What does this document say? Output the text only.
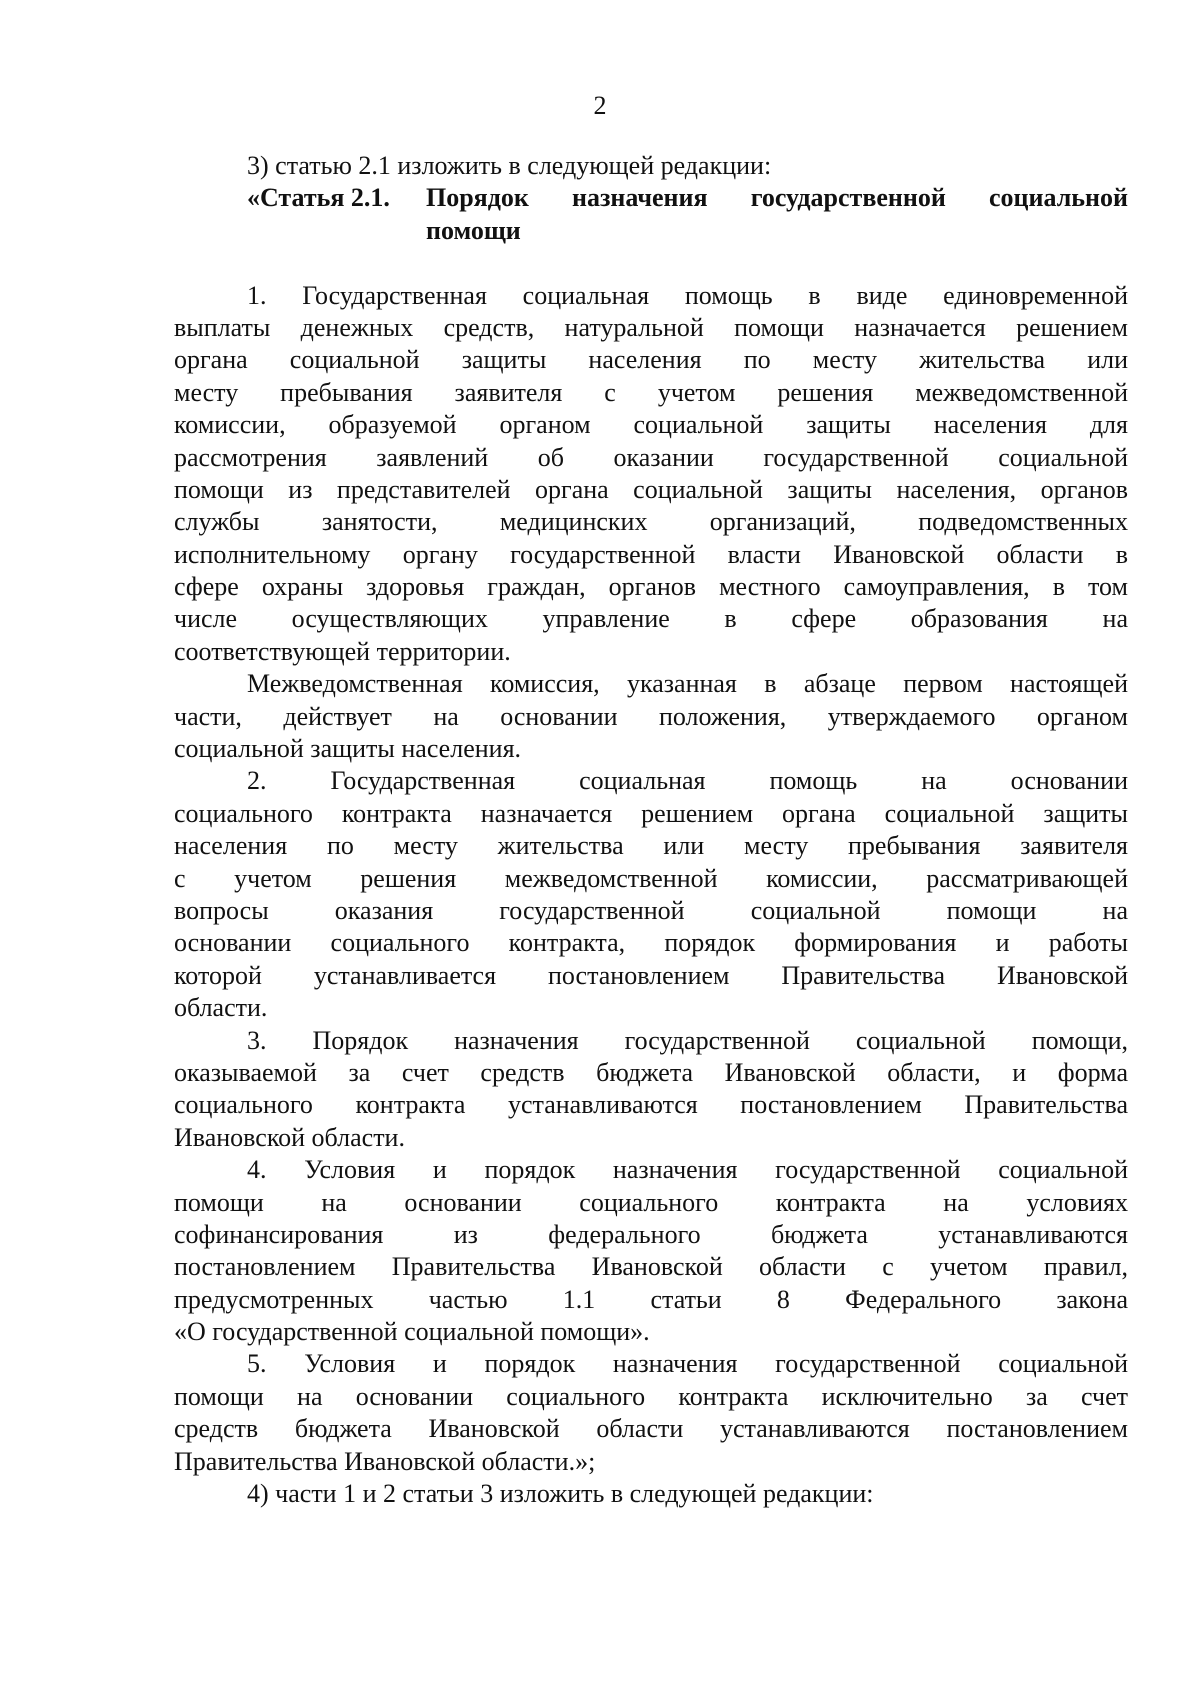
2
3) статью 2.1 изложить в следующей редакции:
«Статья 2.1.	Порядок назначения государственной социальной
помощи
1. Государственная социальная помощь в виде единовременной
выплаты денежных средств, натуральной помощи назначается решением
органа социальной защиты населения по месту жительства или
месту пребывания заявителя с учетом решения межведомственной
комиссии, образуемой органом социальной защиты населения для
рассмотрения заявлений об оказании государственной социальной
помощи из представителей органа социальной защиты населения, органов
службы занятости, медицинских организаций, подведомственных
исполнительному органу государственной власти Ивановской области в
сфере охраны здоровья граждан, органов местного самоуправления, в том
числе осуществляющих управление в сфере образования на
соответствующей территории.
Межведомственная комиссия, указанная в абзаце первом настоящей
части, действует на основании положения, утверждаемого органом
социальной защиты населения.
2. Государственная социальная помощь на основании
социального контракта назначается решением органа социальной защиты
населения по месту жительства или месту пребывания заявителя
с учетом решения межведомственной комиссии, рассматривающей
вопросы оказания государственной социальной помощи на
основании социального контракта, порядок формирования и работы
которой устанавливается постановлением Правительства Ивановской
области.
3. Порядок назначения государственной социальной помощи,
оказываемой за счет средств бюджета Ивановской области, и форма
социального контракта устанавливаются постановлением Правительства
Ивановской области.
4. Условия и порядок назначения государственной социальной
помощи на основании социального контракта на условиях
софинансирования из федерального бюджета устанавливаются
постановлением Правительства Ивановской области с учетом правил,
предусмотренных частью 1.1 статьи 8 Федерального закона
«О государственной социальной помощи».
5. Условия и порядок назначения государственной социальной
помощи на основании социального контракта исключительно за счет
средств бюджета Ивановской области устанавливаются постановлением
Правительства Ивановской области.»;
4) части 1 и 2 статьи 3 изложить в следующей редакции:
